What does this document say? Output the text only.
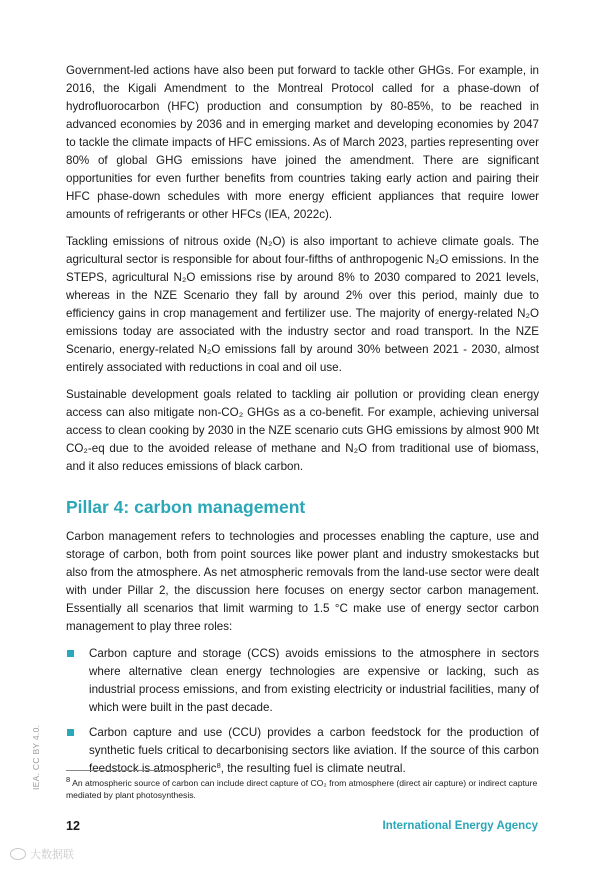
Government-led actions have also been put forward to tackle other GHGs. For example, in 2016, the Kigali Amendment to the Montreal Protocol called for a phase-down of hydrofluorocarbon (HFC) production and consumption by 80-85%, to be reached in advanced economies by 2036 and in emerging market and developing economies by 2047 to tackle the climate impacts of HFC emissions. As of March 2023, parties representing over 80% of global GHG emissions have joined the amendment. There are significant opportunities for even further benefits from countries taking early action and pairing their HFC phase-down schedules with more energy efficient appliances that require lower amounts of refrigerants or other HFCs (IEA, 2022c).

Tackling emissions of nitrous oxide (N₂O) is also important to achieve climate goals. The agricultural sector is responsible for about four-fifths of anthropogenic N₂O emissions. In the STEPS, agricultural N₂O emissions rise by around 8% to 2030 compared to 2021 levels, whereas in the NZE Scenario they fall by around 2% over this period, mainly due to efficiency gains in crop management and fertilizer use. The majority of energy-related N₂O emissions today are associated with the industry sector and road transport. In the NZE Scenario, energy-related N₂O emissions fall by around 30% between 2021 - 2030, almost entirely associated with reductions in coal and oil use.

Sustainable development goals related to tackling air pollution or providing clean energy access can also mitigate non-CO₂ GHGs as a co-benefit. For example, achieving universal access to clean cooking by 2030 in the NZE scenario cuts GHG emissions by almost 900 Mt CO₂-eq due to the avoided release of methane and N₂O from traditional use of biomass, and it also reduces emissions of black carbon.

Pillar 4: carbon management

Carbon management refers to technologies and processes enabling the capture, use and storage of carbon, both from point sources like power plant and industry smokestacks but also from the atmosphere. As net atmospheric removals from the land-use sector were dealt with under Pillar 2, the discussion here focuses on energy sector carbon management. Essentially all scenarios that limit warming to 1.5 °C make use of energy sector carbon management to play three roles:

Carbon capture and storage (CCS) avoids emissions to the atmosphere in sectors where alternative clean energy technologies are expensive or lacking, such as industrial process emissions, and from existing electricity or industrial facilities, many of which were built in the past decade.
Carbon capture and use (CCU) provides a carbon feedstock for the production of synthetic fuels critical to decarbonising sectors like aviation. If the source of this carbon feedstock is atmospheric$^8$, the resulting fuel is climate neutral.
$^8$ An atmospheric source of carbon can include direct capture of CO₂ from atmosphere (direct air capture) or indirect capture mediated by plant photosynthesis.
IEA. CC BY 4.0.
12	International Energy Agency
大数据联
